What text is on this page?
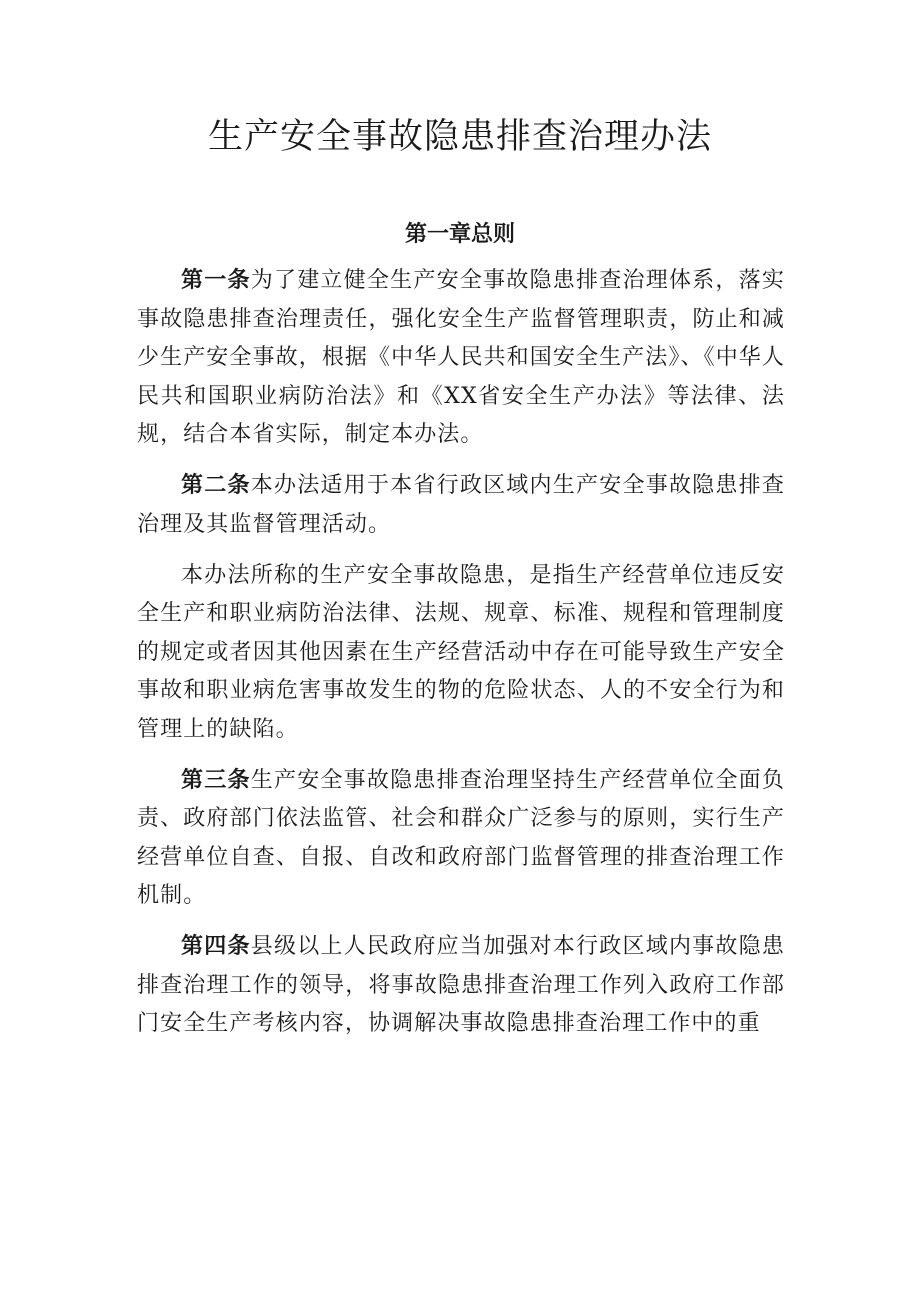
生产安全事故隐患排查治理办法
第一章总则

第一条为了建立健全生产安全事故隐患排查治理体系，落实事故隐患排查治理责任，强化安全生产监督管理职责，防止和减少生产安全事故，根据《中华人民共和国安全生产法》、《中华人民共和国职业病防治法》和《XX省安全生产办法》等法律、法规，结合本省实际，制定本办法。

第二条本办法适用于本省行政区域内生产安全事故隐患排查治理及其监督管理活动。

本办法所称的生产安全事故隐患，是指生产经营单位违反安全生产和职业病防治法律、法规、规章、标准、规程和管理制度的规定或者因其他因素在生产经营活动中存在可能导致生产安全事故和职业病危害事故发生的物的危险状态、人的不安全行为和管理上的缺陷。

第三条生产安全事故隐患排查治理坚持生产经营单位全面负责、政府部门依法监管、社会和群众广泛参与的原则，实行生产经营单位自查、自报、自改和政府部门监督管理的排查治理工作机制。

第四条县级以上人民政府应当加强对本行政区域内事故隐患排查治理工作的领导，将事故隐患排查治理工作列入政府工作部门安全生产考核内容，协调解决事故隐患排查治理工作中的重
